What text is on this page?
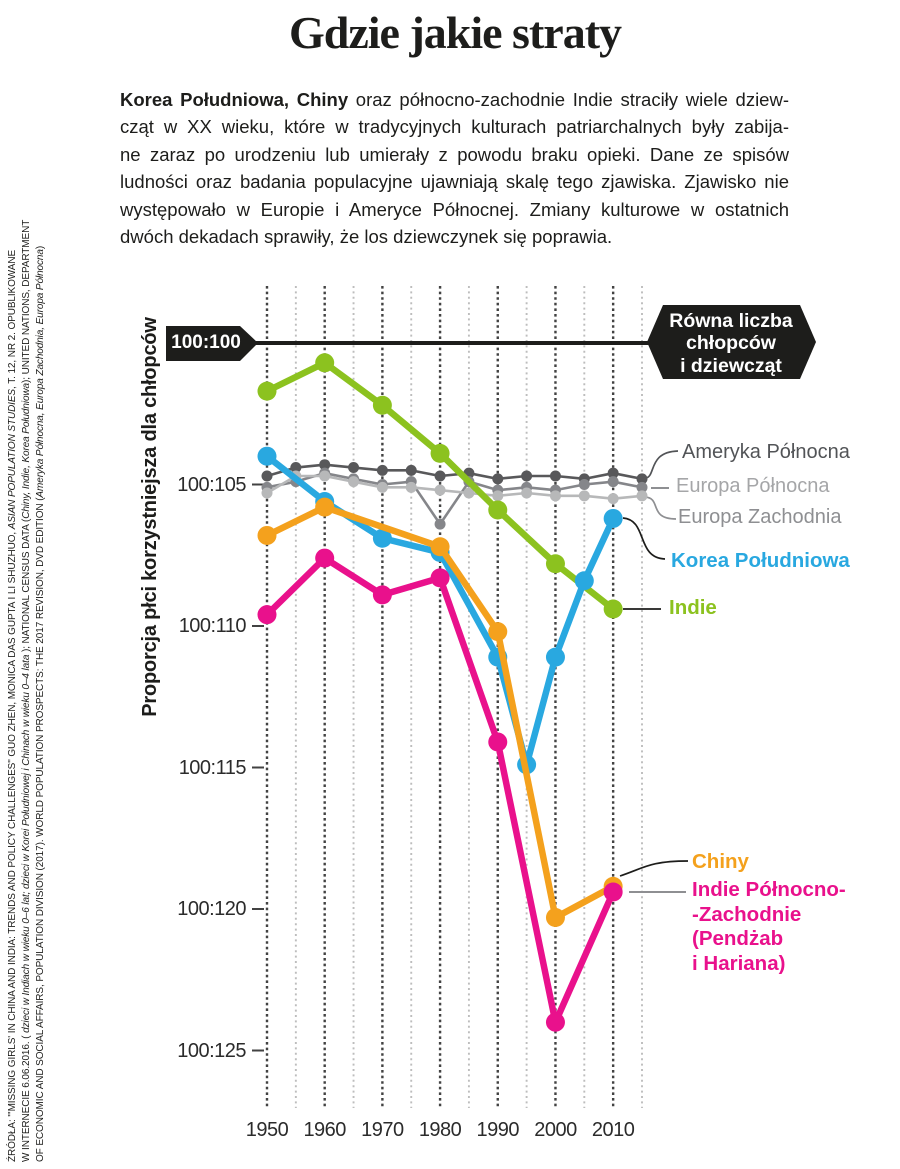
100:105
100:110
100:115
100:120
100:125
1950 1960 1970 1980 1990 2000 2010
Gdzie jakie straty
Korea Południowa, Chiny oraz północno-zachodnie Indie straciły wiele dziew-
cząt w XX wieku, które w tradycyjnych kulturach patriarchalnych były zabija-
ne zaraz po urodzeniu lub umierały z powodu braku opieki. Dane ze spisów
ludności oraz badania populacyjne ujawniają skalę tego zjawiska. Zjawisko nie
występowało w Europie i Ameryce Północnej. Zmiany kulturowe w ostatnich
dwóch dekadach sprawiły, że los dziewczynek się poprawia.
ŹRÓDŁA: "'MISSING GIRLS' IN CHINA AND INDIA: TRENDS AND POLICY CHALLENGES" GUO ZHEN, MONICA DAS GUPTA I LI SHUZHUO, ASIAN POPULATION STUDIES, T. 12, NR 2. OPUBLIKOWANE
W INTERNECIE 6.06.2016. ( dzieci w Indiach w wieku 0–6 lat; dzieci w Korei Południowej i Chinach w wieku 0–4 lata ); NATIONAL CENSUS DATA (Chiny, Indie, Korea Południowa); UNITED NATIONS, DEPARTMENT
OF ECONOMIC AND SOCIAL AFFAIRS, POPULATION DIVISION (2017). WORLD POPULATION PROSPECTS: THE 2017 REVISION, DVD EDITION (Ameryka Północna, Europa Zachodnia, Europa Północna)
Proporcja płci korzystniejsza dla chłopców 100:100
Równa liczba
chłopców
i dziewcząt
Ameryka Północna
Europa Północna
Europa Zachodnia
Korea Południowa
Indie
Chiny
Indie Północno-
-Zachodnie
(Pendżab
i Hariana)
